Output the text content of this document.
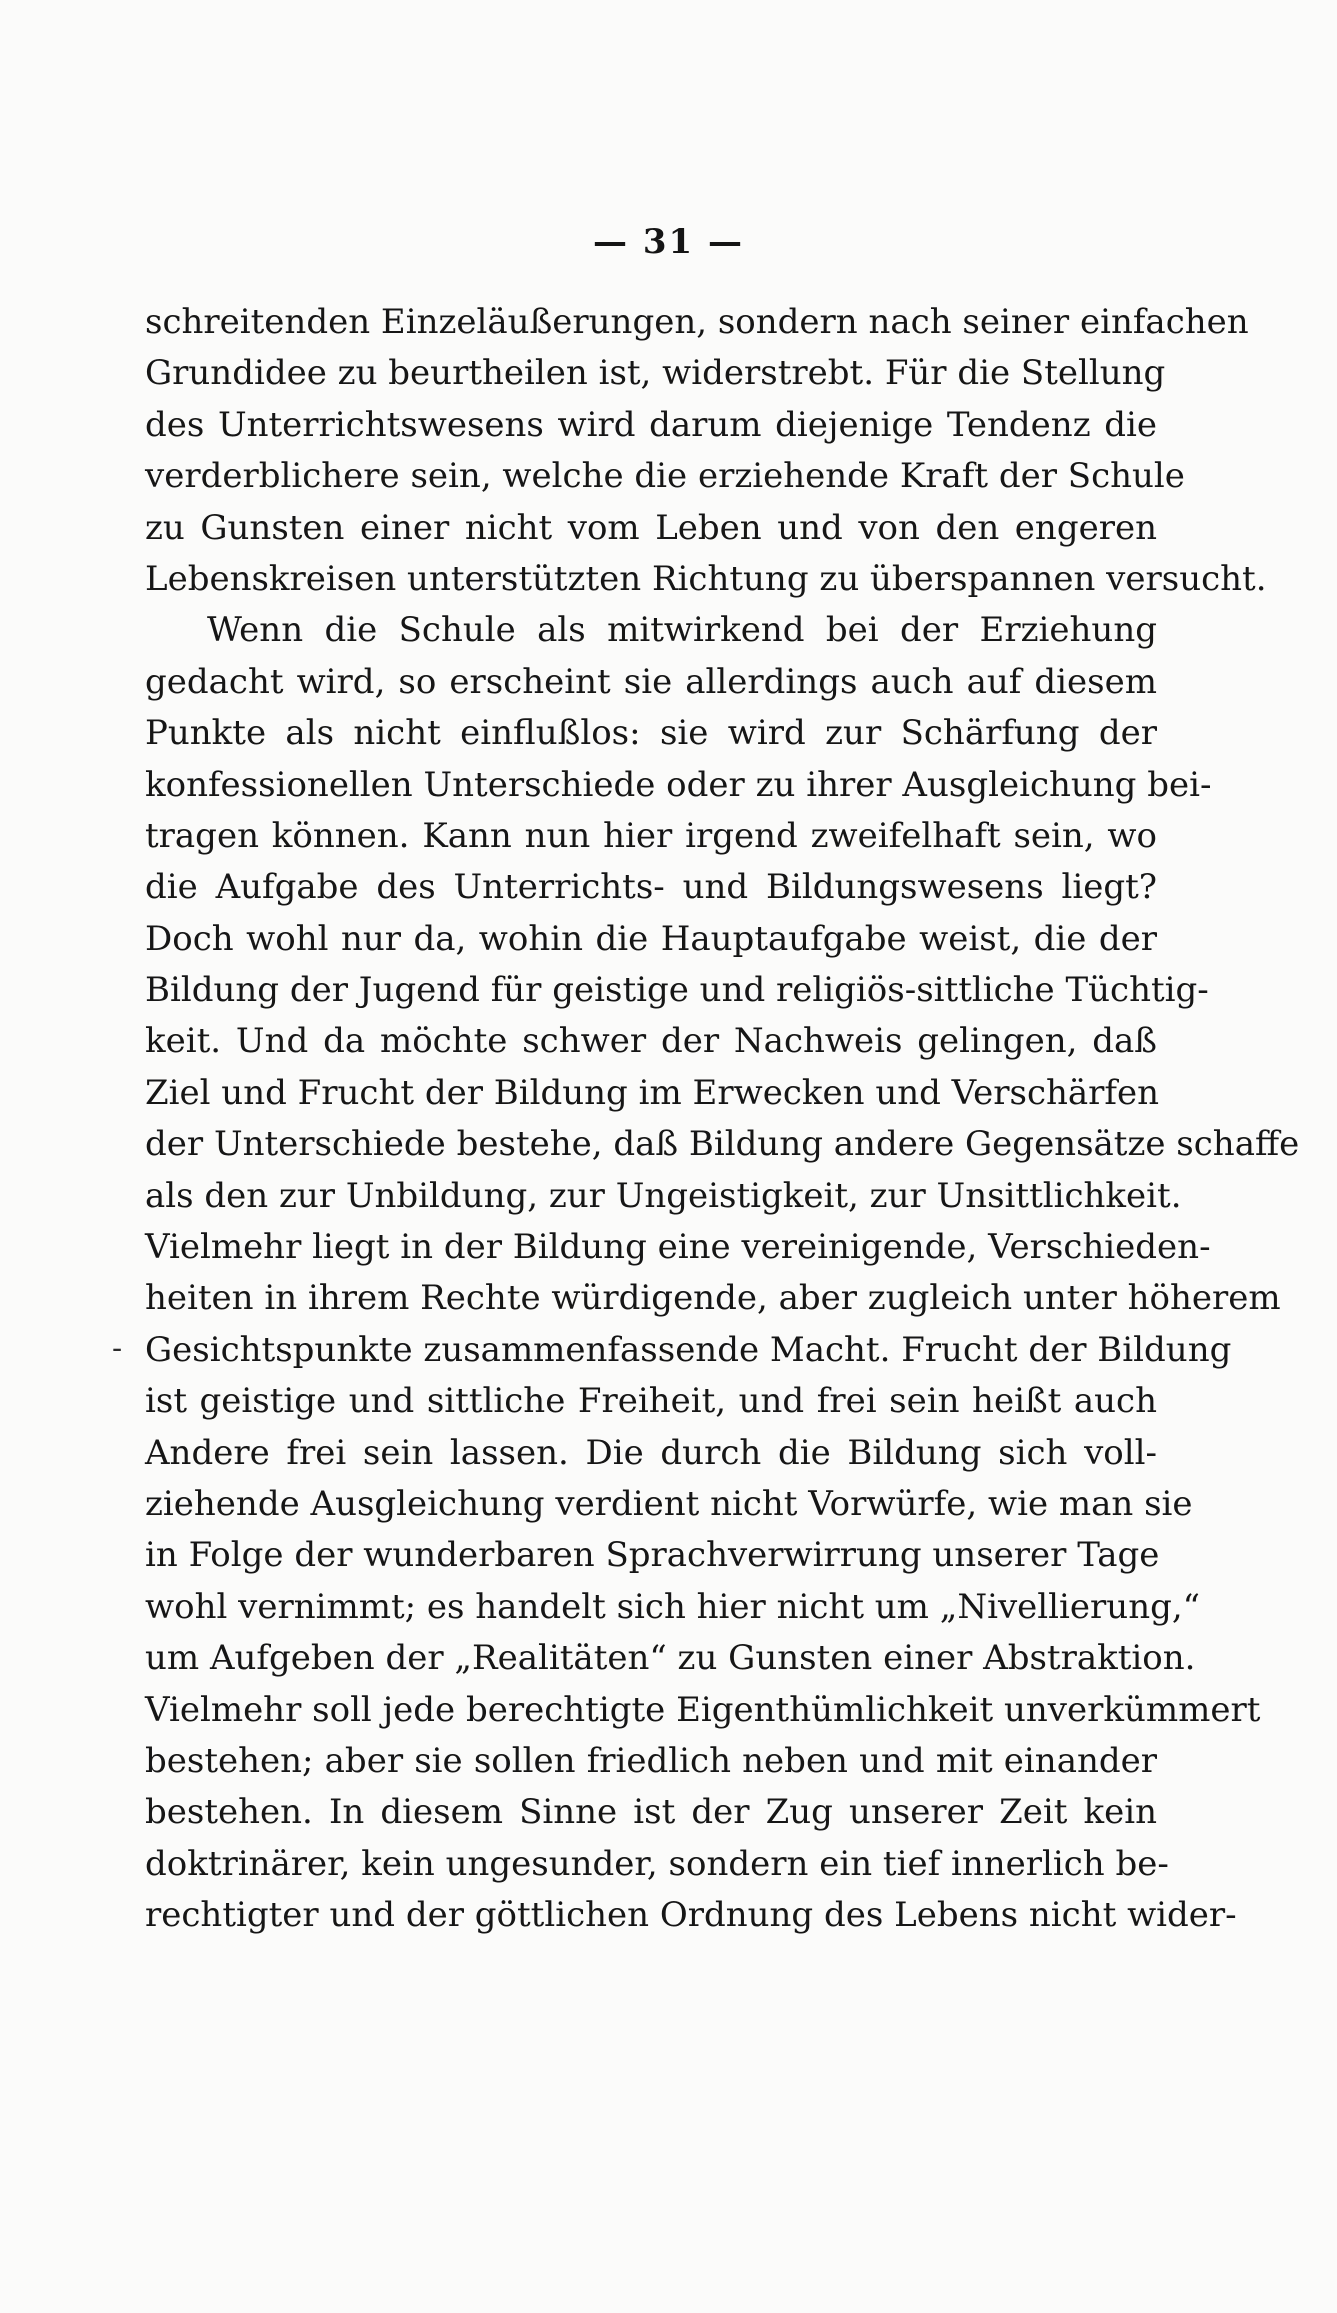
— 31 —
-
schreitenden Einzeläußerungen, sondern nach seiner einfachen
Grundidee zu beurtheilen ist, widerstrebt. Für die Stellung
des Unterrichtswesens wird darum diejenige Tendenz die
verderblichere sein, welche die erziehende Kraft der Schule
zu Gunsten einer nicht vom Leben und von den engeren
Lebenskreisen unterstützten Richtung zu überspannen versucht.
Wenn die Schule als mitwirkend bei der Erziehung
gedacht wird, so erscheint sie allerdings auch auf diesem
Punkte als nicht einflußlos: sie wird zur Schärfung der
konfessionellen Unterschiede oder zu ihrer Ausgleichung bei-
tragen können. Kann nun hier irgend zweifelhaft sein, wo
die Aufgabe des Unterrichts- und Bildungswesens liegt?
Doch wohl nur da, wohin die Hauptaufgabe weist, die der
Bildung der Jugend für geistige und religiös-sittliche Tüchtig-
keit. Und da möchte schwer der Nachweis gelingen, daß
Ziel und Frucht der Bildung im Erwecken und Verschärfen
der Unterschiede bestehe, daß Bildung andere Gegensätze schaffe
als den zur Unbildung, zur Ungeistigkeit, zur Unsittlichkeit.
Vielmehr liegt in der Bildung eine vereinigende, Verschieden-
heiten in ihrem Rechte würdigende, aber zugleich unter höherem
Gesichtspunkte zusammenfassende Macht. Frucht der Bildung
ist geistige und sittliche Freiheit, und frei sein heißt auch
Andere frei sein lassen. Die durch die Bildung sich voll-
ziehende Ausgleichung verdient nicht Vorwürfe, wie man sie
in Folge der wunderbaren Sprachverwirrung unserer Tage
wohl vernimmt; es handelt sich hier nicht um „Nivellierung,“
um Aufgeben der „Realitäten“ zu Gunsten einer Abstraktion.
Vielmehr soll jede berechtigte Eigenthümlichkeit unverkümmert
bestehen; aber sie sollen friedlich neben und mit einander
bestehen. In diesem Sinne ist der Zug unserer Zeit kein
doktrinärer, kein ungesunder, sondern ein tief innerlich be-
rechtigter und der göttlichen Ordnung des Lebens nicht wider-
